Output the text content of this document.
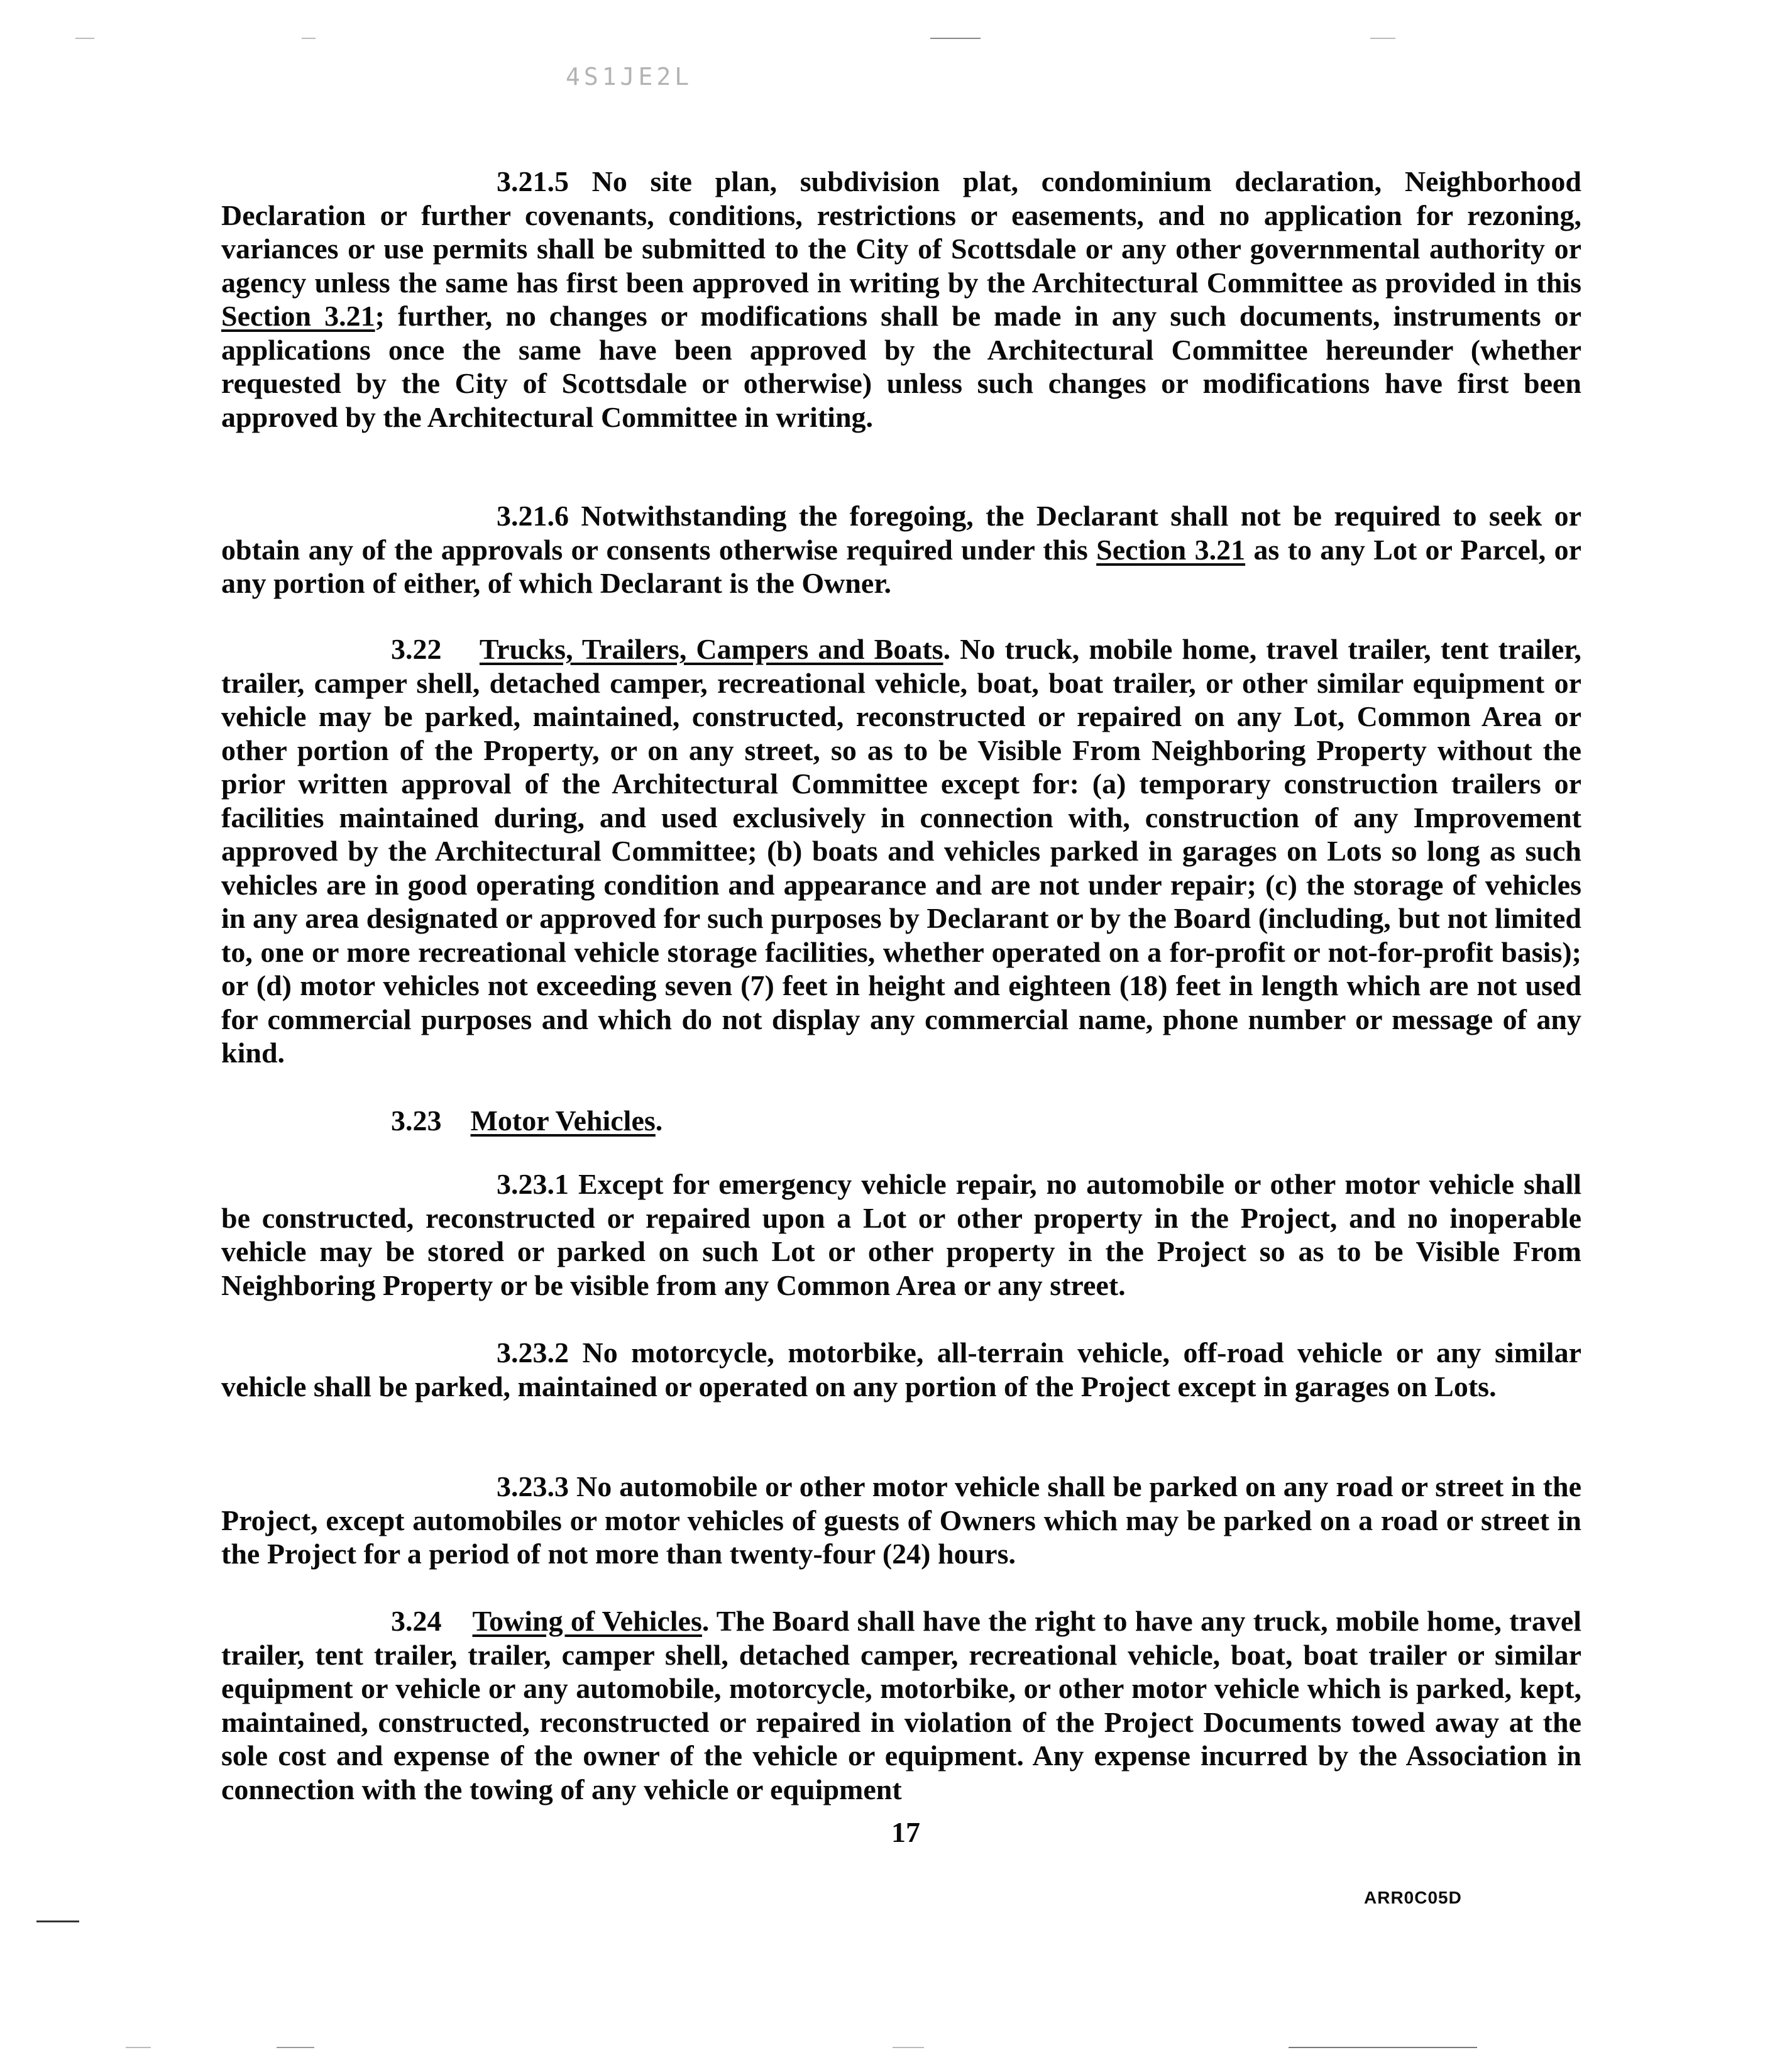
4S1JE2L

3.21.5 No site plan, subdivision plat, condominium declaration, Neighborhood Declaration or further covenants, conditions, restrictions or easements, and no application for rezoning, variances or use permits shall be submitted to the City of Scottsdale or any other governmental authority or agency unless the same has first been approved in writing by the Architectural Committee as provided in this Section 3.21; further, no changes or modifications shall be made in any such documents, instruments or applications once the same have been approved by the Architectural Committee hereunder (whether requested by the City of Scottsdale or otherwise) unless such changes or modifications have first been approved by the Architectural Committee in writing.

3.21.6 Notwithstanding the foregoing, the Declarant shall not be required to seek or obtain any of the approvals or consents otherwise required under this Section 3.21 as to any Lot or Parcel, or any portion of either, of which Declarant is the Owner.

3.22 Trucks, Trailers, Campers and Boats. No truck, mobile home, travel trailer, tent trailer, trailer, camper shell, detached camper, recreational vehicle, boat, boat trailer, or other similar equipment or vehicle may be parked, maintained, constructed, reconstructed or repaired on any Lot, Common Area or other portion of the Property, or on any street, so as to be Visible From Neighboring Property without the prior written approval of the Architectural Committee except for: (a) temporary construction trailers or facilities maintained during, and used exclusively in connection with, construction of any Improvement approved by the Architectural Committee; (b) boats and vehicles parked in garages on Lots so long as such vehicles are in good operating condition and appearance and are not under repair; (c) the storage of vehicles in any area designated or approved for such purposes by Declarant or by the Board (including, but not limited to, one or more recreational vehicle storage facilities, whether operated on a for-profit or not-for-profit basis); or (d) motor vehicles not exceeding seven (7) feet in height and eighteen (18) feet in length which are not used for commercial purposes and which do not display any commercial name, phone number or message of any kind.

3.23 Motor Vehicles.

3.23.1 Except for emergency vehicle repair, no automobile or other motor vehicle shall be constructed, reconstructed or repaired upon a Lot or other property in the Project, and no inoperable vehicle may be stored or parked on such Lot or other property in the Project so as to be Visible From Neighboring Property or be visible from any Common Area or any street.

3.23.2 No motorcycle, motorbike, all-terrain vehicle, off-road vehicle or any similar vehicle shall be parked, maintained or operated on any portion of the Project except in garages on Lots.

3.23.3 No automobile or other motor vehicle shall be parked on any road or street in the Project, except automobiles or motor vehicles of guests of Owners which may be parked on a road or street in the Project for a period of not more than twenty-four (24) hours.

3.24 Towing of Vehicles. The Board shall have the right to have any truck, mobile home, travel trailer, tent trailer, trailer, camper shell, detached camper, recreational vehicle, boat, boat trailer or similar equipment or vehicle or any automobile, motorcycle, motorbike, or other motor vehicle which is parked, kept, maintained, constructed, reconstructed or repaired in violation of the Project Documents towed away at the sole cost and expense of the owner of the vehicle or equipment. Any expense incurred by the Association in connection with the towing of any vehicle or equipment

17
ARR0C05D
